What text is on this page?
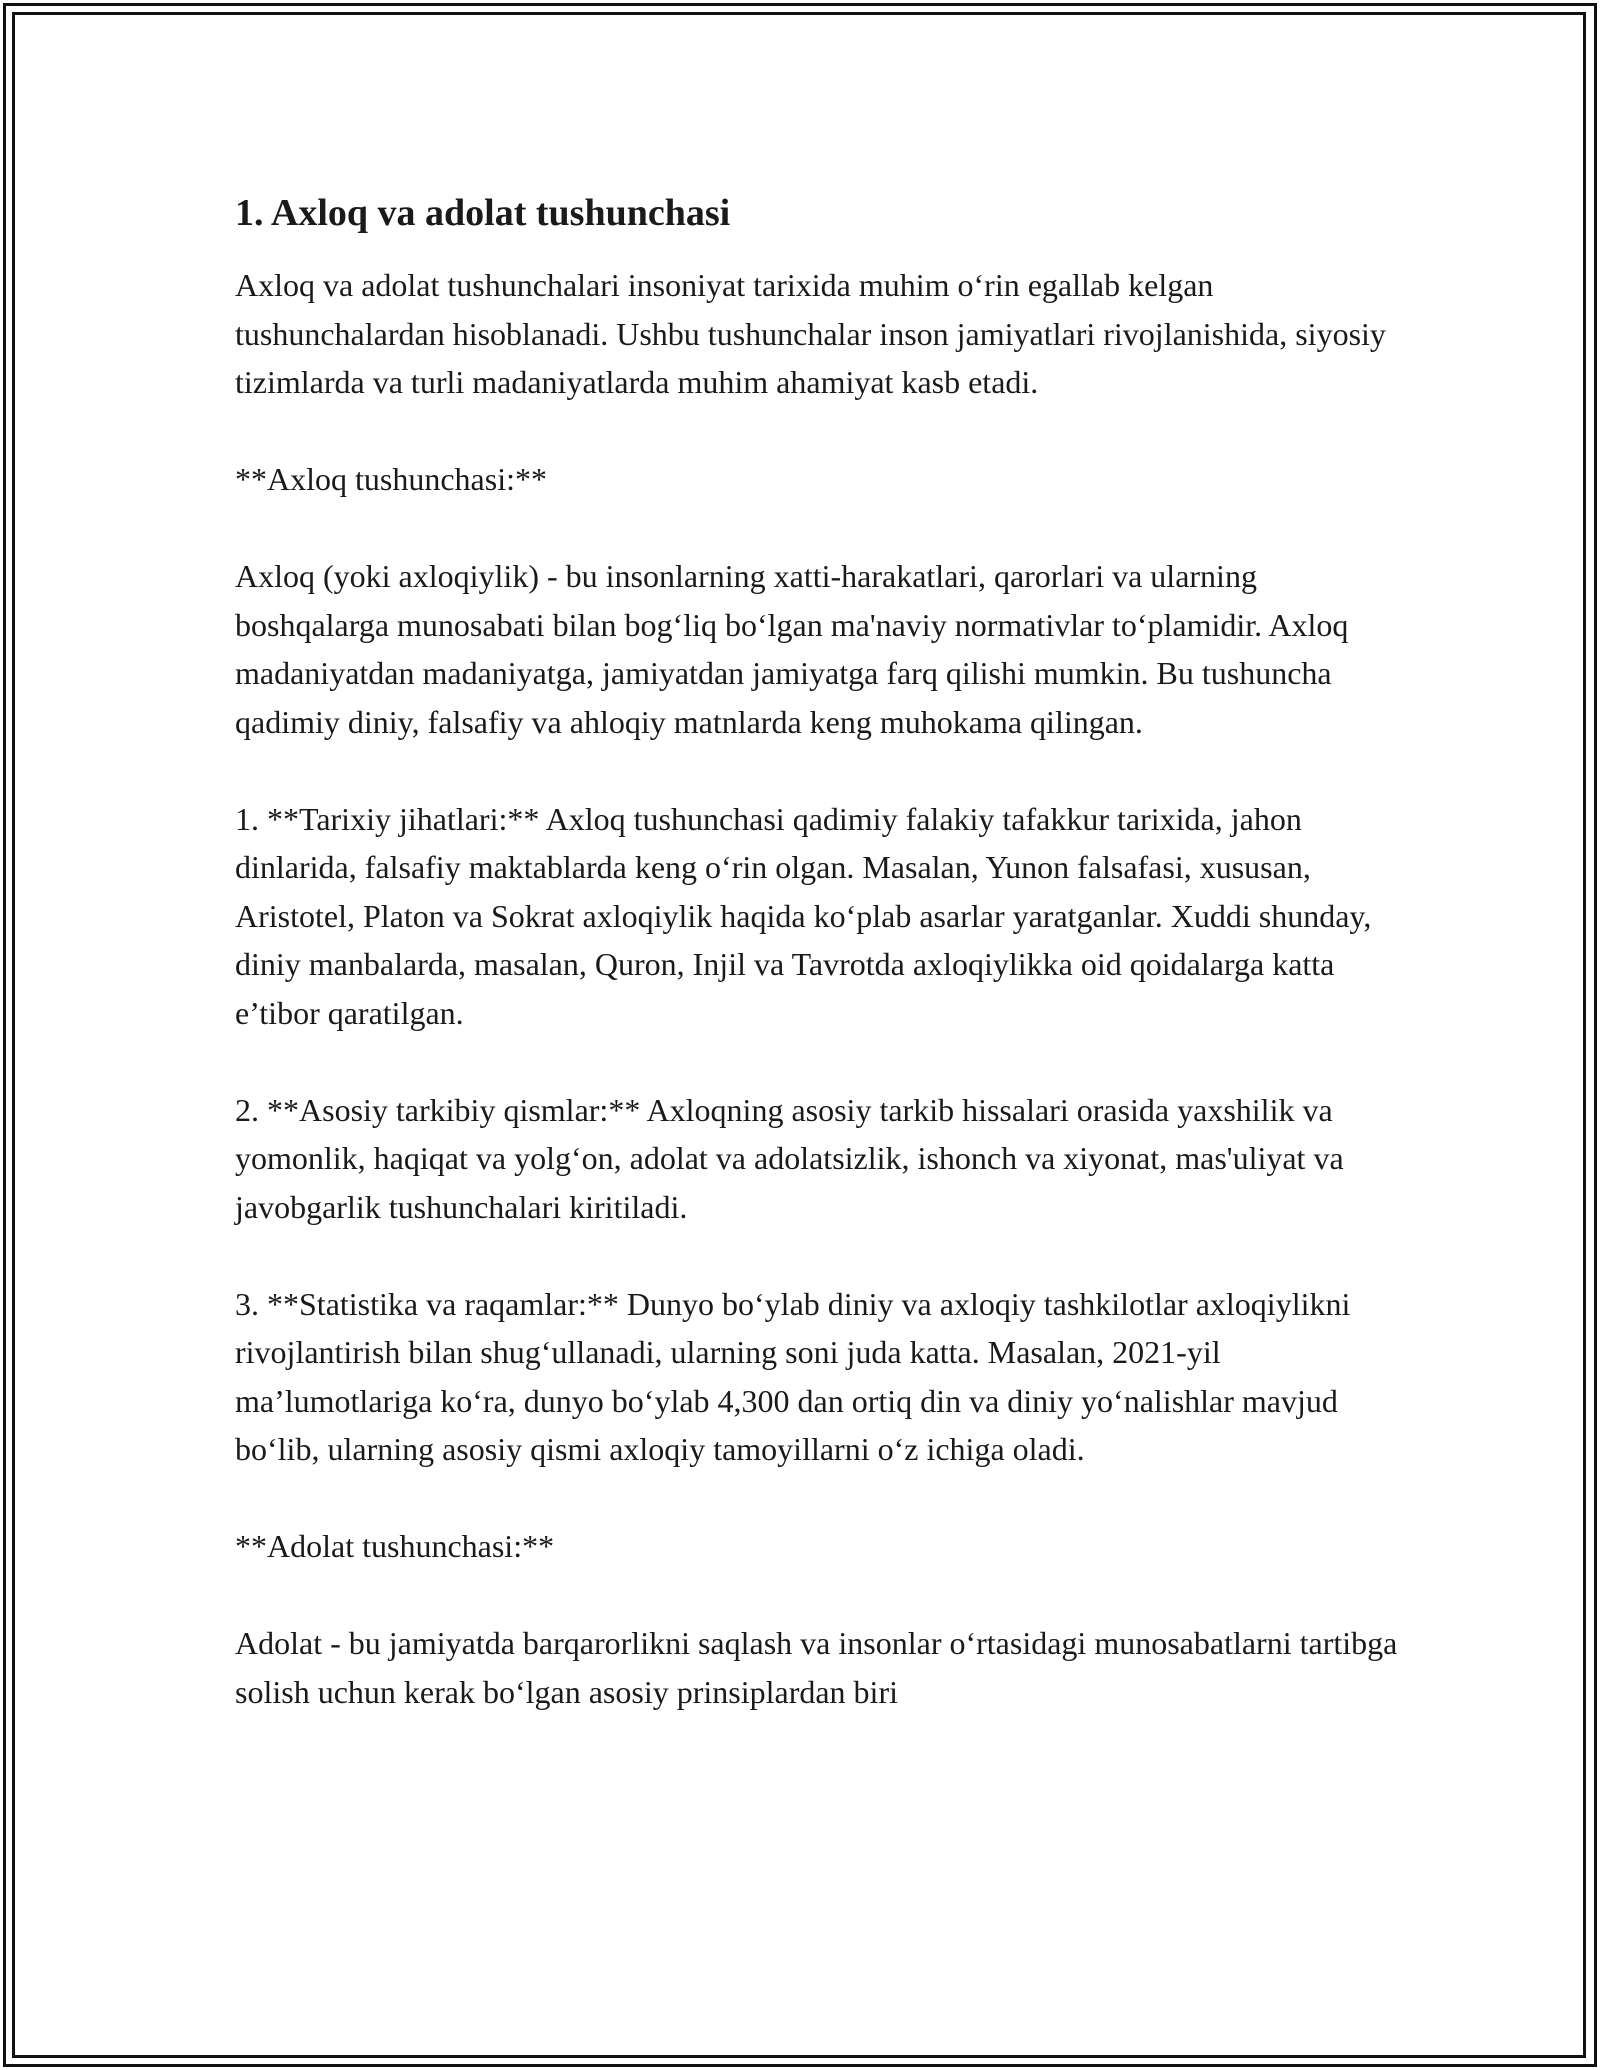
1. Axloq va adolat tushunchasi

Axloq va adolat tushunchalari insoniyat tarixida muhim o‘rin egallab kelgan tushunchalardan hisoblanadi. Ushbu tushunchalar inson jamiyatlari rivojlanishida, siyosiy tizimlarda va turli madaniyatlarda muhim ahamiyat kasb etadi.

**Axloq tushunchasi:**

Axloq (yoki axloqiylik) - bu insonlarning xatti-harakatlari, qarorlari va ularning boshqalarga munosabati bilan bog‘liq bo‘lgan ma'naviy normativlar to‘plamidir. Axloq madaniyatdan madaniyatga, jamiyatdan jamiyatga farq qilishi mumkin. Bu tushuncha qadimiy diniy, falsafiy va ahloqiy matnlarda keng muhokama qilingan.

1. **Tarixiy jihatlari:** Axloq tushunchasi qadimiy falakiy tafakkur tarixida, jahon dinlarida, falsafiy maktablarda keng o‘rin olgan. Masalan, Yunon falsafasi, xususan, Aristotel, Platon va Sokrat axloqiylik haqida ko‘plab asarlar yaratganlar. Xuddi shunday, diniy manbalarda, masalan, Quron, Injil va Tavrotda axloqiylikka oid qoidalarga katta e’tibor qaratilgan.

2. **Asosiy tarkibiy qismlar:** Axloqning asosiy tarkib hissalari orasida yaxshilik va yomonlik, haqiqat va yolg‘on, adolat va adolatsizlik, ishonch va xiyonat, mas'uliyat va javobgarlik tushunchalari kiritiladi.

3. **Statistika va raqamlar:** Dunyo bo‘ylab diniy va axloqiy tashkilotlar axloqiylikni rivojlantirish bilan shug‘ullanadi, ularning soni juda katta. Masalan, 2021-yil ma’lumotlariga ko‘ra, dunyo bo‘ylab 4,300 dan ortiq din va diniy yo‘nalishlar mavjud bo‘lib, ularning asosiy qismi axloqiy tamoyillarni o‘z ichiga oladi.

**Adolat tushunchasi:**

Adolat - bu jamiyatda barqarorlikni saqlash va insonlar o‘rtasidagi munosabatlarni tartibga solish uchun kerak bo‘lgan asosiy prinsiplardan biri
